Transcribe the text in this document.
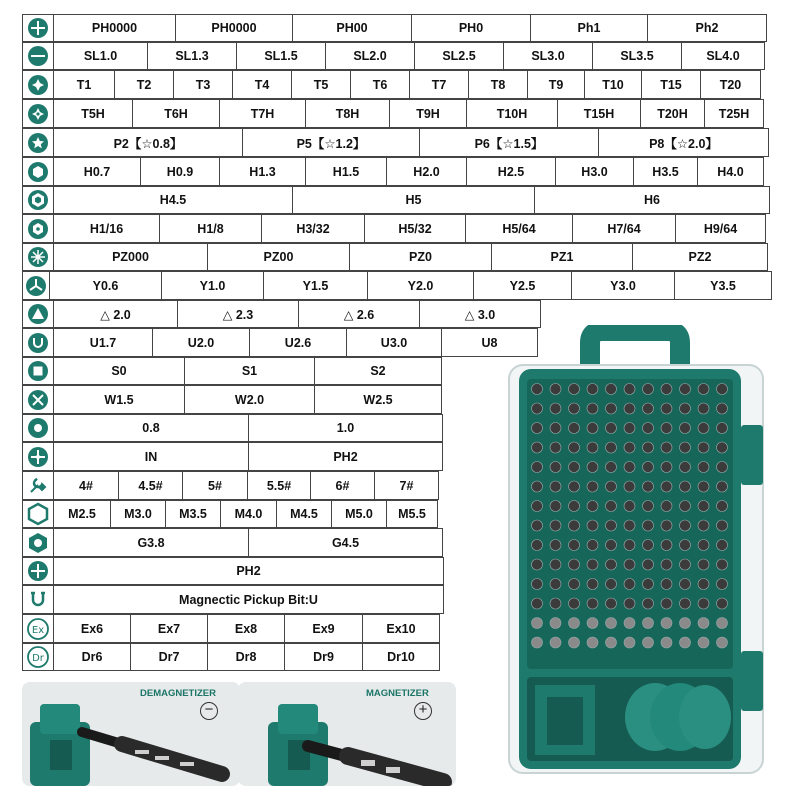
PH0000	PH0000	PH00	PH0	Ph1	Ph2
SL1.0	SL1.3	SL1.5	SL2.0	SL2.5	SL3.0	SL3.5	SL4.0
T1	T2	T3	T4	T5	T6	T7	T8	T9	T10	T15	T20
T5H	T6H	T7H	T8H	T9H	T10H	T15H	T20H	T25H
P2【☆0.8】	P5【☆1.2】	P6【☆1.5】	P8【☆2.0】
H0.7	H0.9	H1.3	H1.5	H2.0	H2.5	H3.0	H3.5	H4.0
H4.5	H5	H6
H1/16	H1/8	H3/32	H5/32	H5/64	H7/64	H9/64
PZ000	PZ00	PZ0	PZ1	PZ2
Y0.6	Y1.0	Y1.5	Y2.0	Y2.5	Y3.0	Y3.5
△ 2.0	△ 2.3	△ 2.6	△ 3.0
U1.7	U2.0	U2.6	U3.0	U8
S0	S1	S2
W1.5	W2.0	W2.5
0.8	1.0
IN	PH2
4#	4.5#	5#	5.5#	6#	7#
M2.5	M3.0	M3.5	M4.0	M4.5	M5.0	M5.5
G3.8	G4.5
PH2
Magnectic Pickup Bit:U
Ex	Ex6	Ex7	Ex8	Ex9	Ex10
Dr	Dr6	Dr7	Dr8	Dr9	Dr10
DEMAGNETIZER
−
MAGNETIZER
+
